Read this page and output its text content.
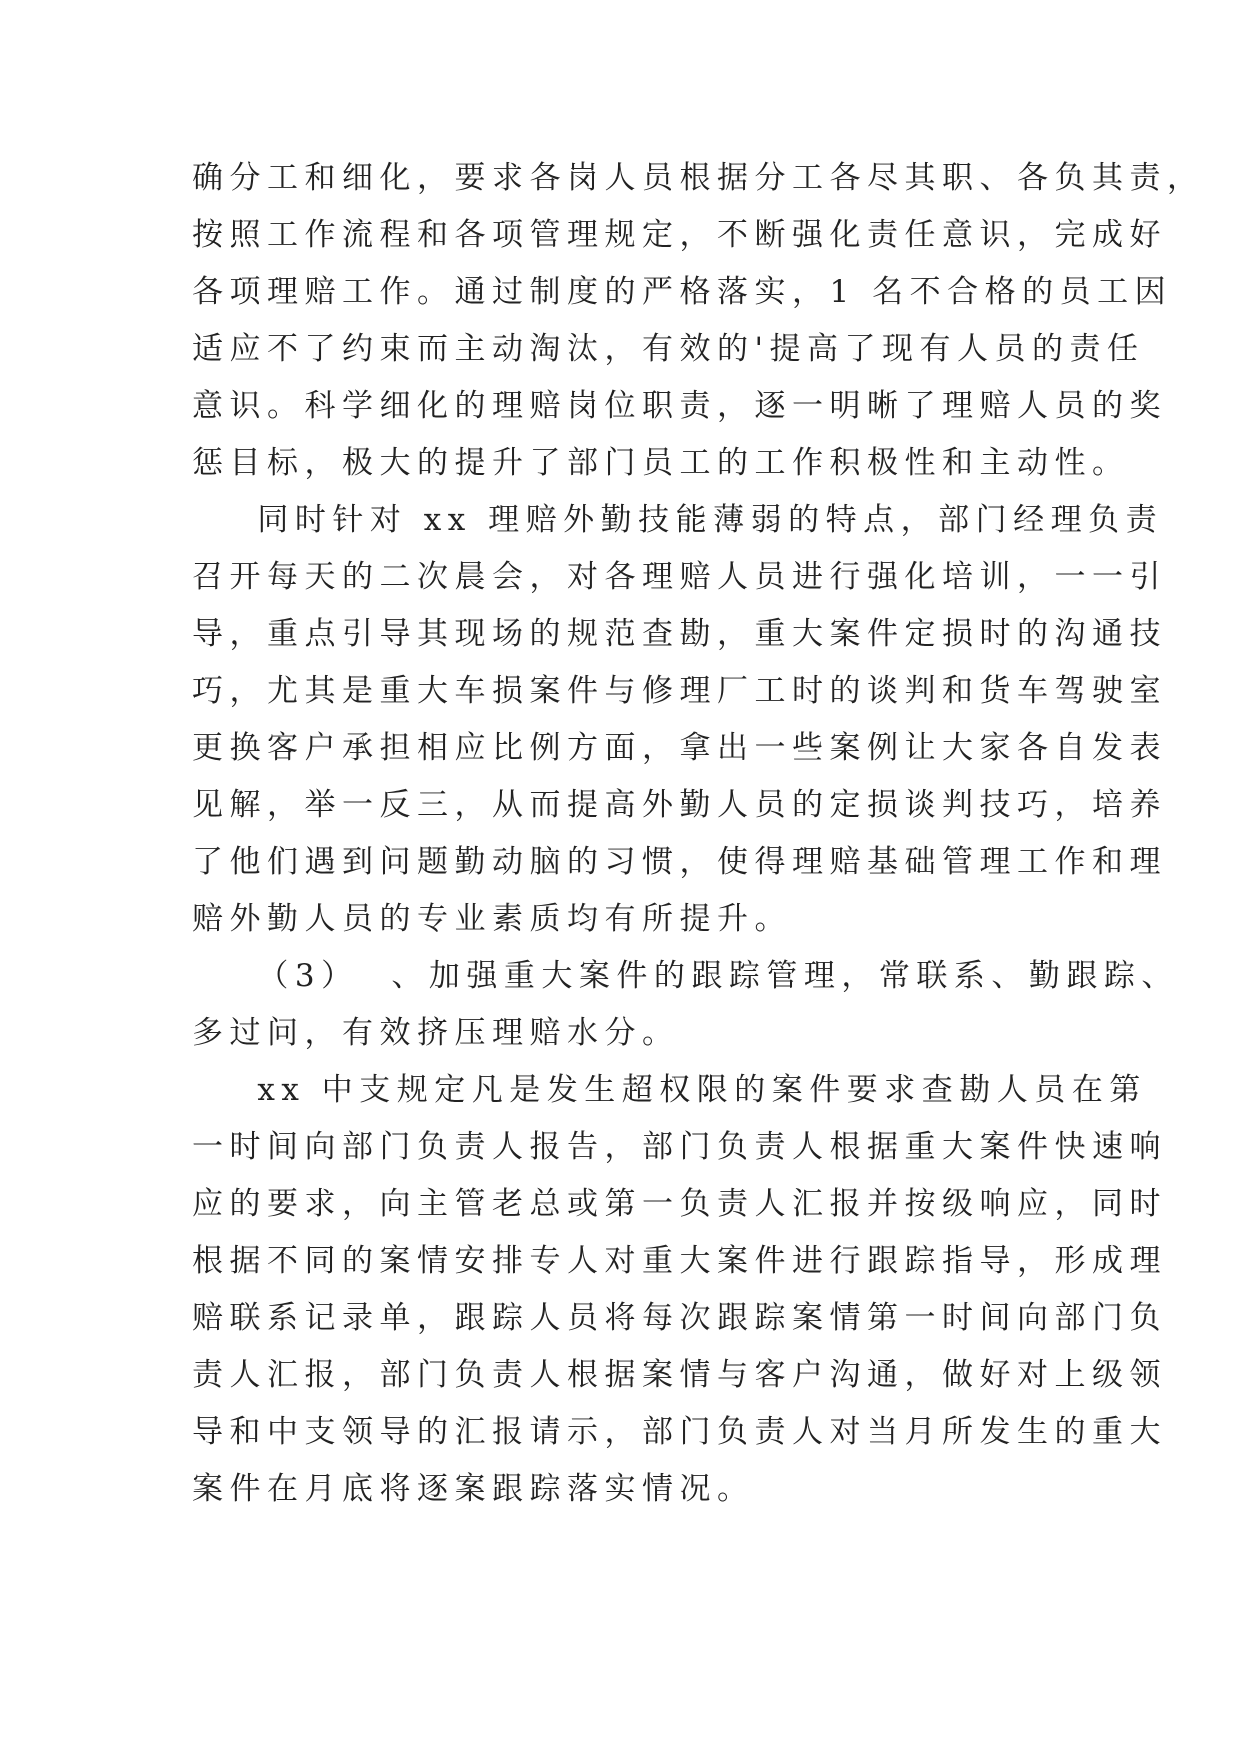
确分工和细化，要求各岗人员根据分工各尽其职、各负其责，
按照工作流程和各项管理规定，不断强化责任意识，完成好
各项理赔工作。通过制度的严格落实，1 名不合格的员工因
适应不了约束而主动淘汰，有效的'提高了现有人员的责任
意识。科学细化的理赔岗位职责，逐一明晰了理赔人员的奖
惩目标，极大的提升了部门员工的工作积极性和主动性。
同时针对 xx 理赔外勤技能薄弱的特点，部门经理负责
召开每天的二次晨会，对各理赔人员进行强化培训，一一引
导，重点引导其现场的规范查勘，重大案件定损时的沟通技
巧，尤其是重大车损案件与修理厂工时的谈判和货车驾驶室
更换客户承担相应比例方面，拿出一些案例让大家各自发表
见解，举一反三，从而提高外勤人员的定损谈判技巧，培养
了他们遇到问题勤动脑的习惯，使得理赔基础管理工作和理
赔外勤人员的专业素质均有所提升。
（3）  、加强重大案件的跟踪管理，常联系、勤跟踪、
多过问，有效挤压理赔水分。
xx 中支规定凡是发生超权限的案件要求查勘人员在第
一时间向部门负责人报告，部门负责人根据重大案件快速响
应的要求，向主管老总或第一负责人汇报并按级响应，同时
根据不同的案情安排专人对重大案件进行跟踪指导，形成理
赔联系记录单，跟踪人员将每次跟踪案情第一时间向部门负
责人汇报，部门负责人根据案情与客户沟通，做好对上级领
导和中支领导的汇报请示，部门负责人对当月所发生的重大
案件在月底将逐案跟踪落实情况。
